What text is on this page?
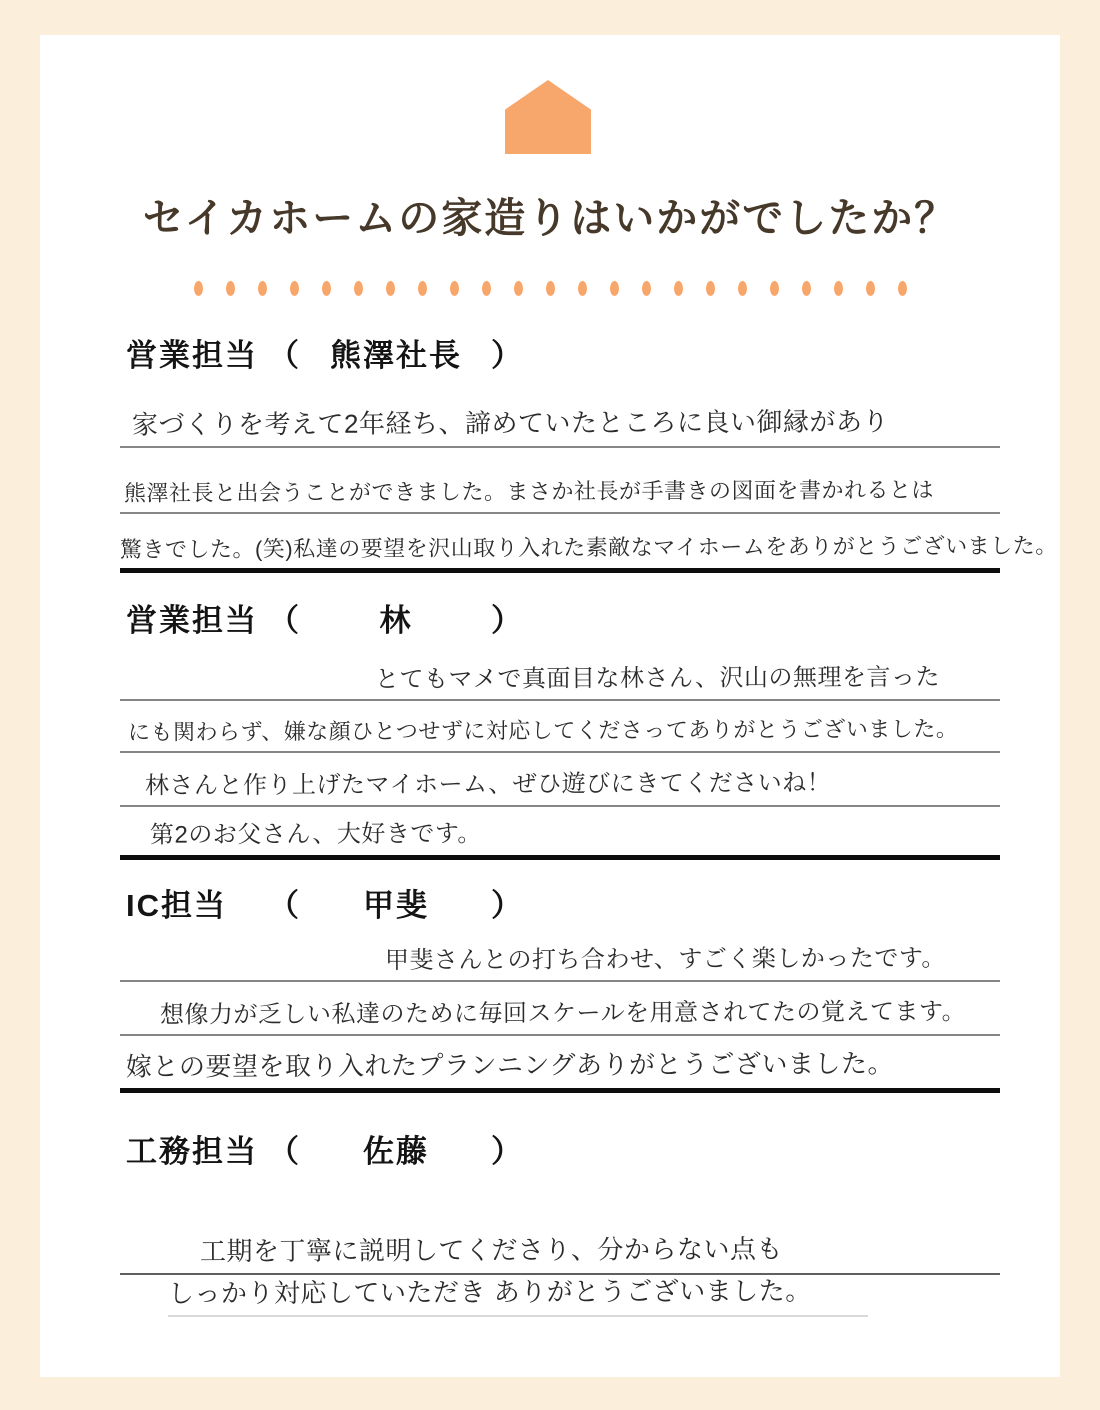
セイカホームの家造りはいかがでしたか？
営業担当 （ 熊澤社長 ）
家づくりを考えて2年経ち、諦めていたところに良い御縁があり
熊澤社長と出会うことができました。まさか社長が手書きの図面を書かれるとは
驚きでした。(笑)私達の要望を沢山取り入れた素敵なマイホームをありがとうございました。
営業担当 （	林	）
とてもマメで真面目な林さん、沢山の無理を言った
にも関わらず、嫌な顔ひとつせずに対応してくださってありがとうございました。
林さんと作り上げたマイホーム、ぜひ遊びにきてくださいね！
第2のお父さん、大好きです。
IC担当	（	甲斐	）
甲斐さんとの打ち合わせ、すごく楽しかったです。
想像力が乏しい私達のために毎回スケールを用意されてたの覚えてます。
嫁との要望を取り入れたプランニングありがとうございました。
工務担当 （	佐藤	）
工期を丁寧に説明してくださり、分からない点も
しっかり対応していただき ありがとうございました。
